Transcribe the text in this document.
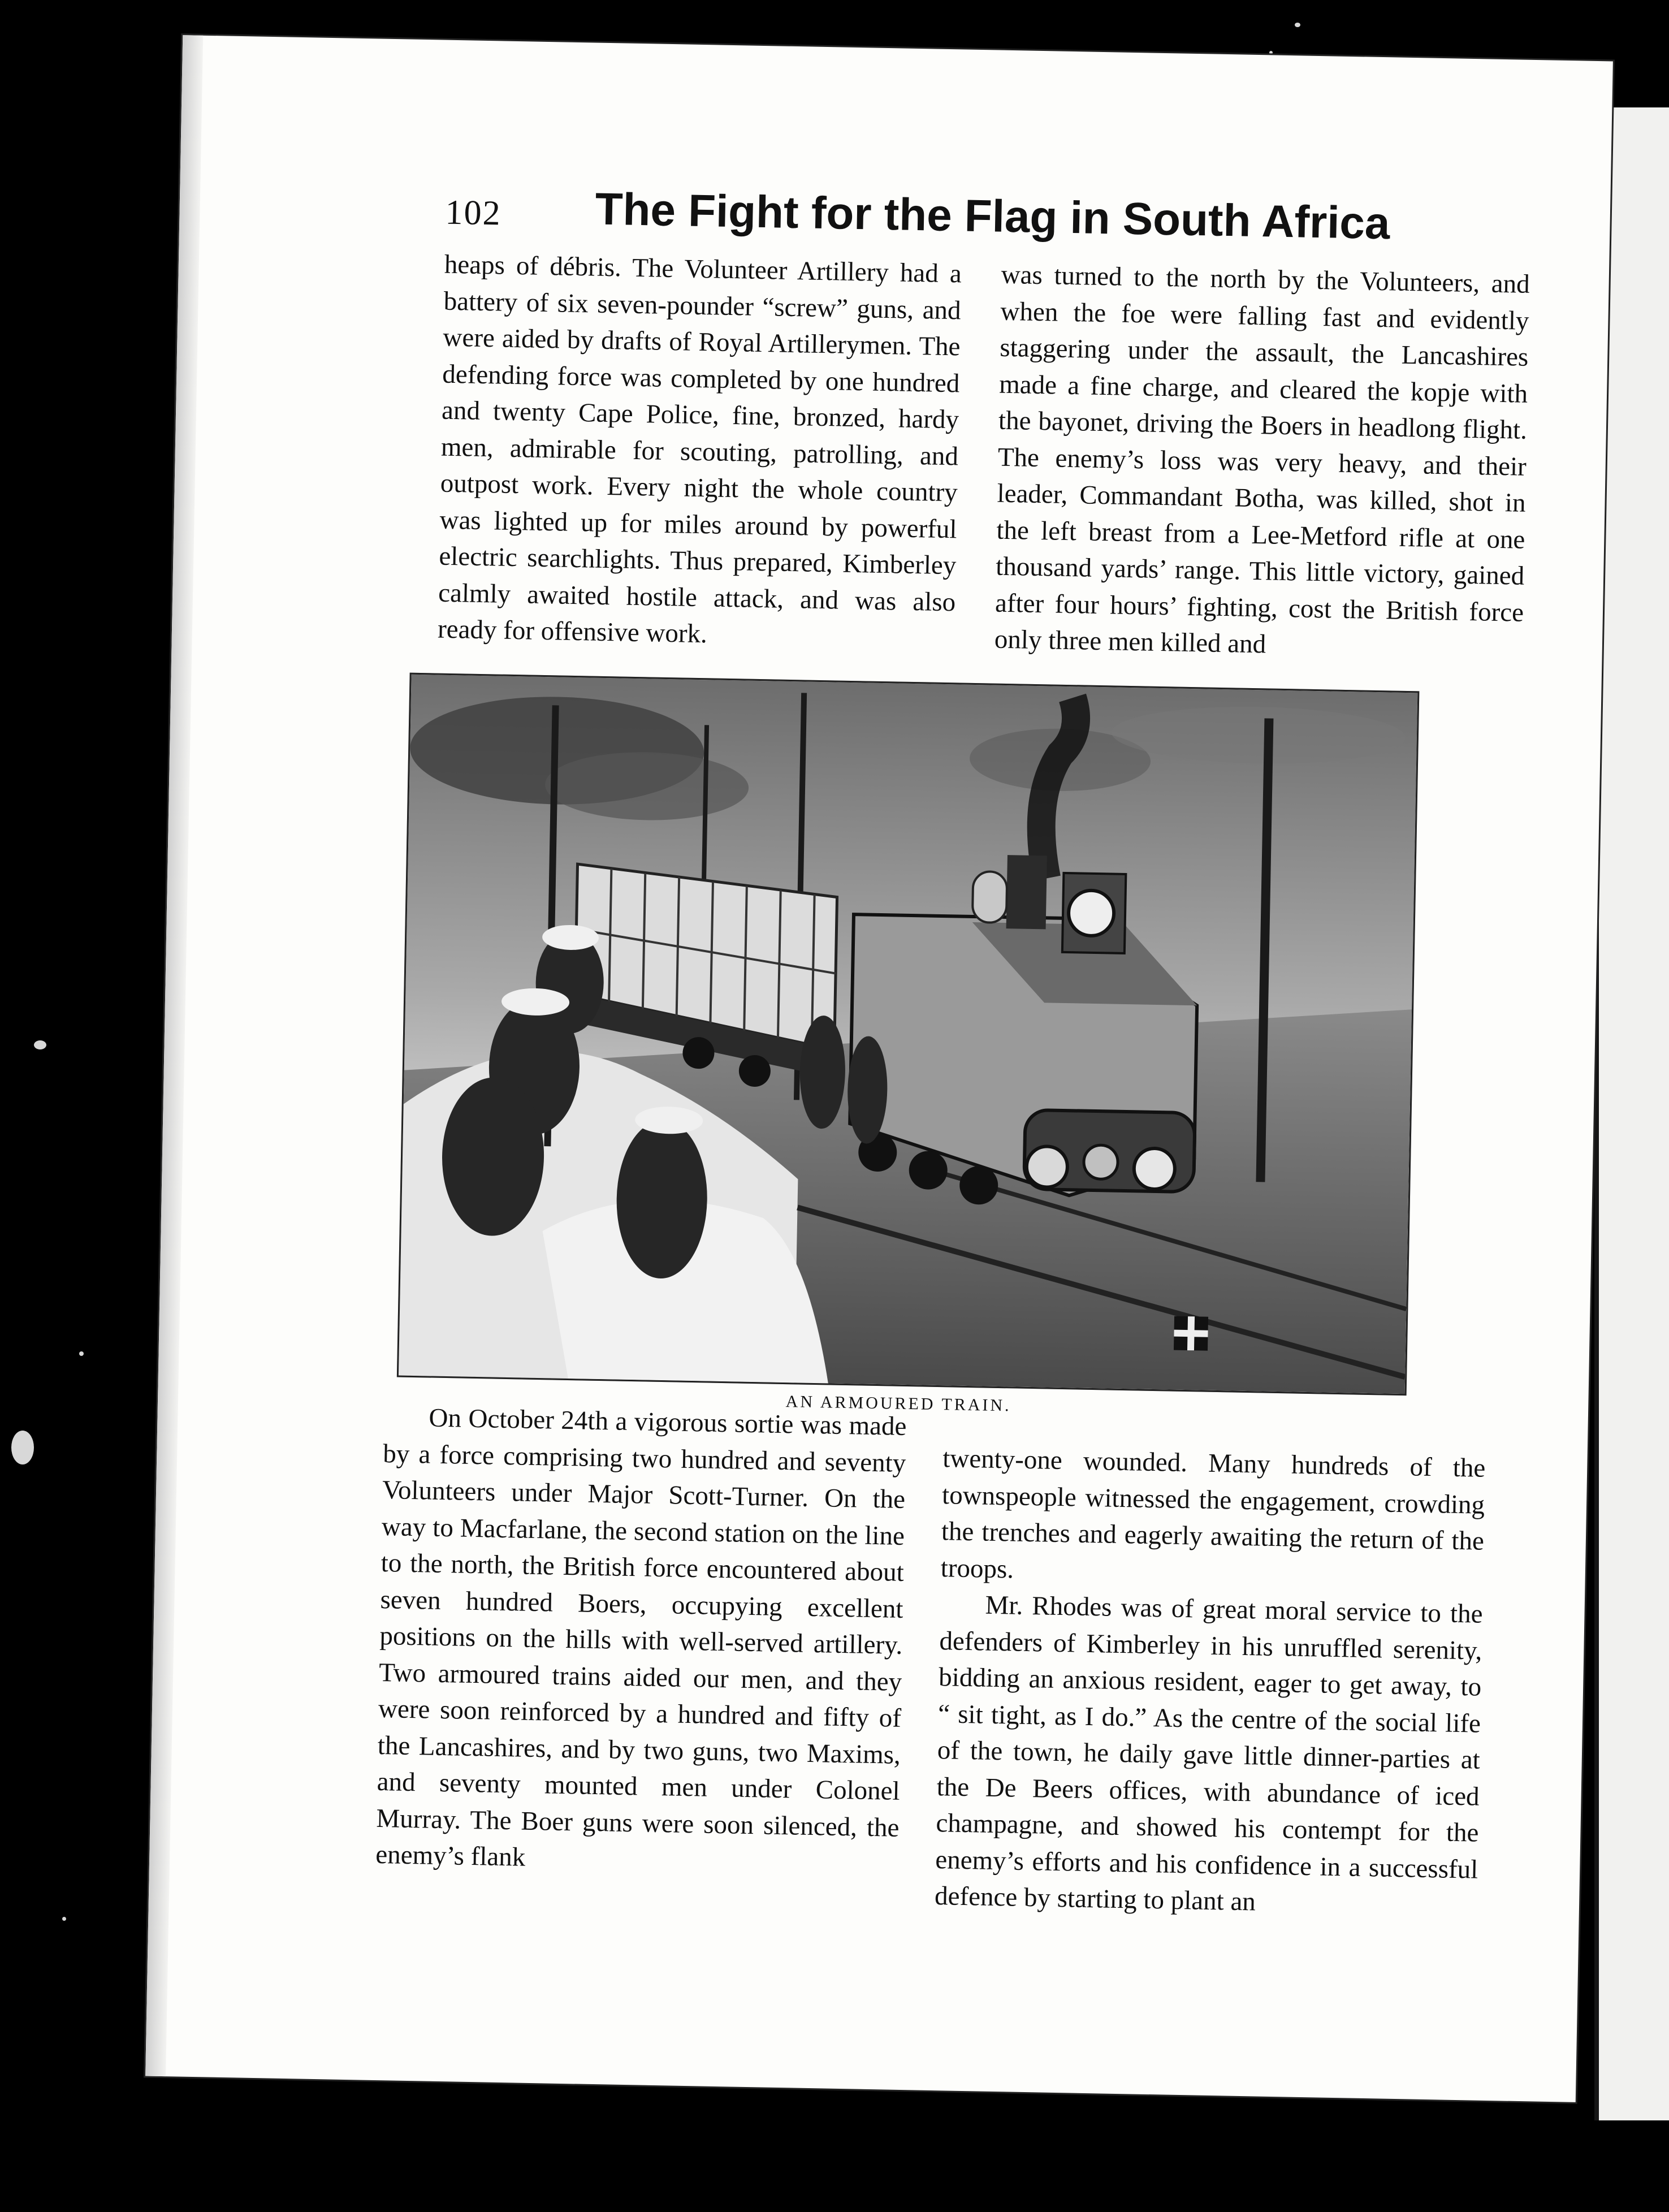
102 The Fight for the Flag in South Africa

heaps of débris. The Volunteer Artillery had a battery of six seven-pounder “screw” guns, and were aided by drafts of Royal Artillerymen. The defending force was completed by one hundred and twenty Cape Police, fine, bronzed, hardy men, admirable for scouting, patrolling, and outpost work. Every night the whole country was lighted up for miles around by powerful electric searchlights. Thus prepared, Kimberley calmly awaited hostile attack, and was also ready for offensive work.

was turned to the north by the Volunteers, and when the foe were falling fast and evidently staggering under the assault, the Lancashires made a fine charge, and cleared the kopje with the bayonet, driving the Boers in headlong flight. The enemy’s loss was very heavy, and their leader, Commandant Botha, was killed, shot in the left breast from a Lee-Metford rifle at one thousand yards’ range. This little victory, gained after four hours’ fighting, cost the British force only three men killed and

AN ARMOURED TRAIN.

On October 24th a vigorous sortie was made by a force comprising two hundred and seventy Volunteers under Major Scott-Turner. On the way to Macfarlane, the second station on the line to the north, the British force encountered about seven hundred Boers, occupying excellent positions on the hills with well-served artillery. Two armoured trains aided our men, and they were soon reinforced by a hundred and fifty of the Lancashires, and by two guns, two Maxims, and seventy mounted men under Colonel Murray. The Boer guns were soon silenced, the enemy’s flank

twenty-one wounded. Many hundreds of the townspeople witnessed the engagement, crowding the trenches and eagerly awaiting the return of the troops.

Mr. Rhodes was of great moral service to the defenders of Kimberley in his unruffled serenity, bidding an anxious resident, eager to get away, to “ sit tight, as I do.” As the centre of the social life of the town, he daily gave little dinner-parties at the De Beers offices, with abundance of iced champagne, and showed his contempt for the enemy’s efforts and his confidence in a successful defence by starting to plant an
